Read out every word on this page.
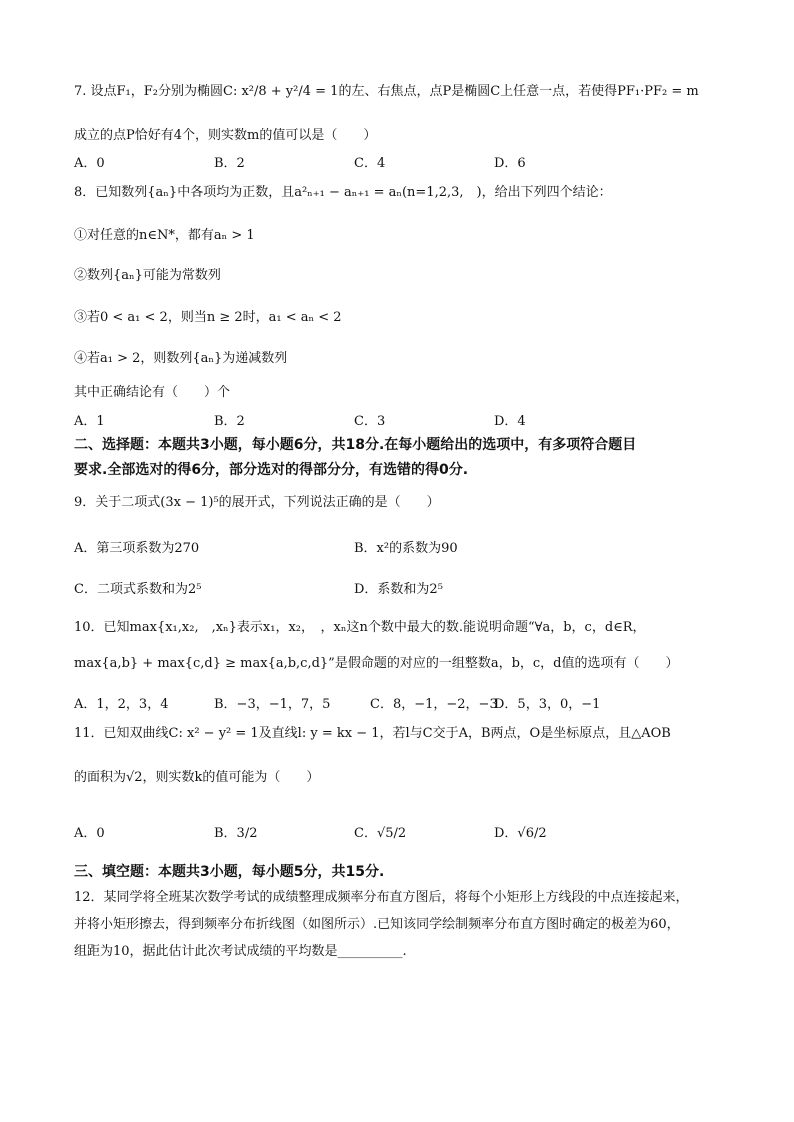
7. 设点F₁，F₂分别为椭圆C: x²/8 + y²/4 = 1的左、右焦点，点P是椭圆C上任意一点，若使得PF₁·PF₂ = m
成立的点P恰好有4个，则实数m的值可以是（　　）
A．0	B．2	C．4	D．6
8．已知数列{aₙ}中各项均为正数，且a²ₙ₊₁ − aₙ₊₁ = aₙ(n=1,2,3,　)，给出下列四个结论：
①对任意的n∈N*，都有aₙ > 1
②数列{aₙ}可能为常数列
③若0 < a₁ < 2，则当n ≥ 2时，a₁ < aₙ < 2
④若a₁ > 2，则数列{aₙ}为递减数列
其中正确结论有（　　）个
A．1	B．2	C．3	D．4
二、选择题：本题共3小题，每小题6分，共18分.在每小题给出的选项中，有多项符合题目
要求.全部选对的得6分，部分选对的得部分分，有选错的得0分.
9．关于二项式(3x − 1)⁵的展开式，下列说法正确的是（　　）
A．第三项系数为270	B．x²的系数为90
C．二项式系数和为2⁵	D．系数和为2⁵
10．已知max{x₁,x₂,　,xₙ}表示x₁，x₂，　，xₙ这n个数中最大的数.能说明命题“∀a，b，c，d∈R，
max{a,b} + max{c,d} ≥ max{a,b,c,d}”是假命题的对应的一组整数a，b，c，d值的选项有（　　）
A．1，2，3，4	B．−3，−1，7，5	C．8，−1，−2，−3
D．5，3，0，−1
11．已知双曲线C: x² − y² = 1及直线l: y = kx − 1，若l与C交于A，B两点，O是坐标原点，且△AOB
的面积为√2，则实数k的值可能为（　　）
A．0	B．3/2	C．√5/2	D．√6/2
三、填空题：本题共3小题，每小题5分，共15分.
12．某同学将全班某次数学考试的成绩整理成频率分布直方图后，将每个小矩形上方线段的中点连接起来，
并将小矩形擦去，得到频率分布折线图（如图所示）.已知该同学绘制频率分布直方图时确定的极差为60，
组距为10，据此估计此次考试成绩的平均数是__________.
